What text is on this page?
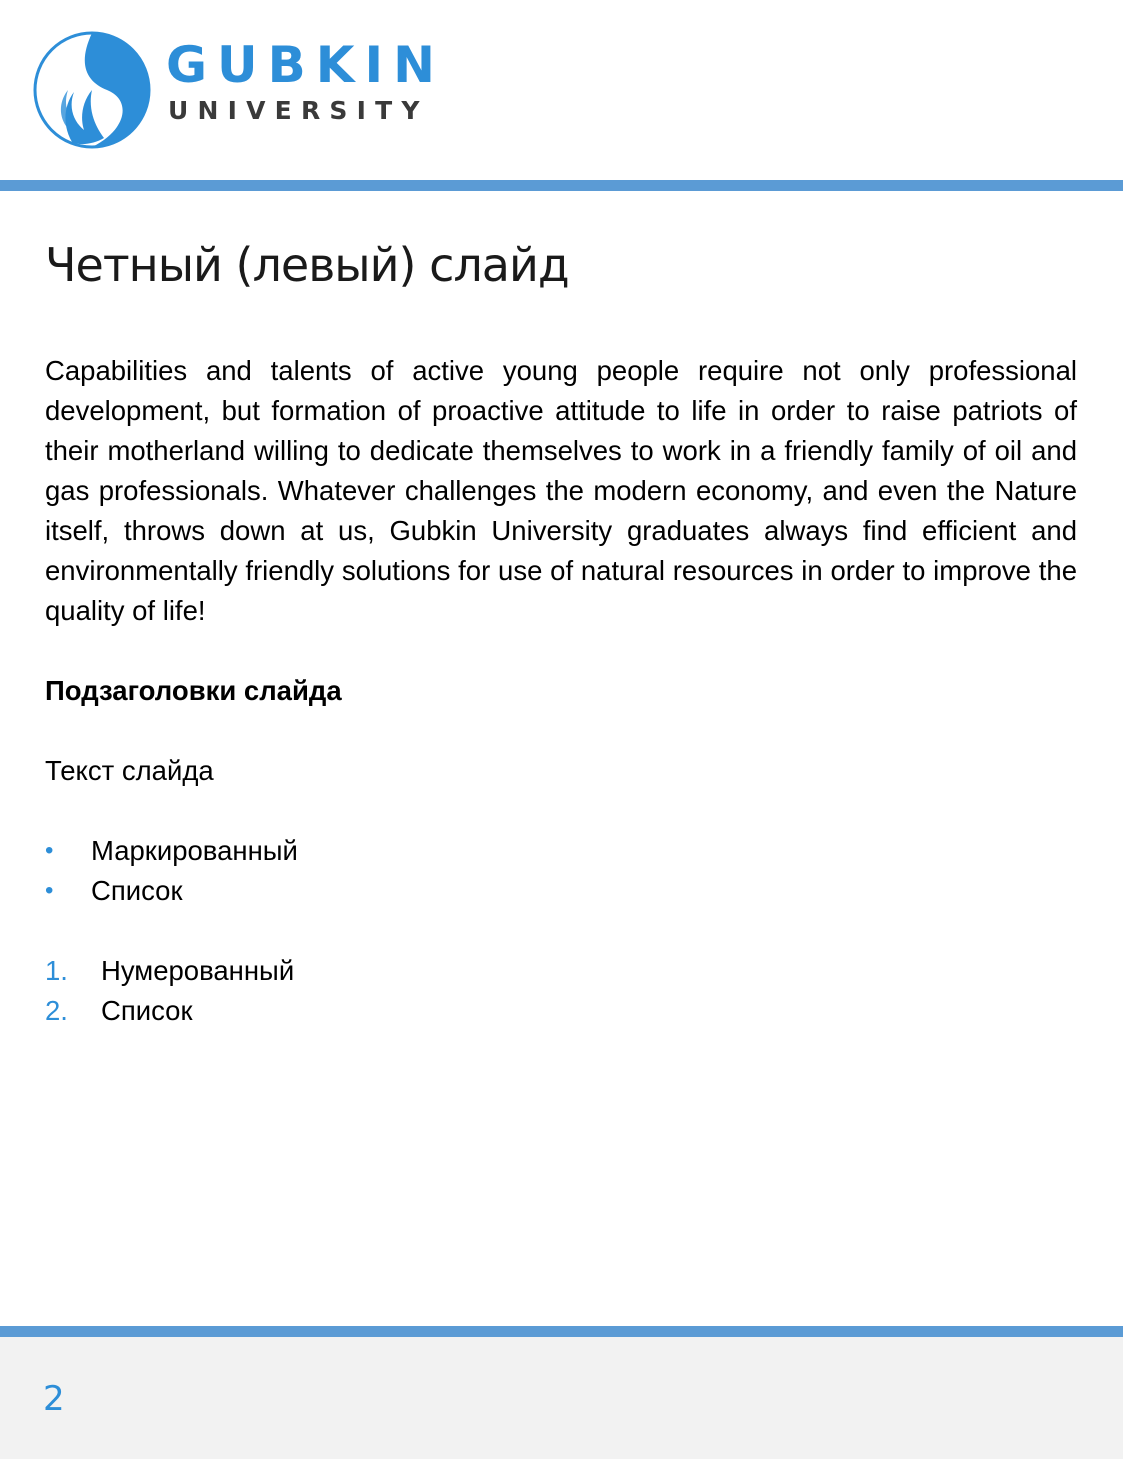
GUBKIN
UNIVERSITY
Четный (левый) слайд

Capabilities and talents of active young people require not only professional development, but formation of proactive attitude to life in order to raise patriots of their motherland willing to dedicate themselves to work in a friendly family of oil and gas professionals. Whatever challenges the modern economy, and even the Nature itself, throws down at us, Gubkin University graduates always find efficient and environmentally friendly solutions for use of natural resources in order to improve the quality of life!

Подзаголовки слайда

Текст слайда

• Маркированный
• Список
1. Нумерованный
2. Список
2
